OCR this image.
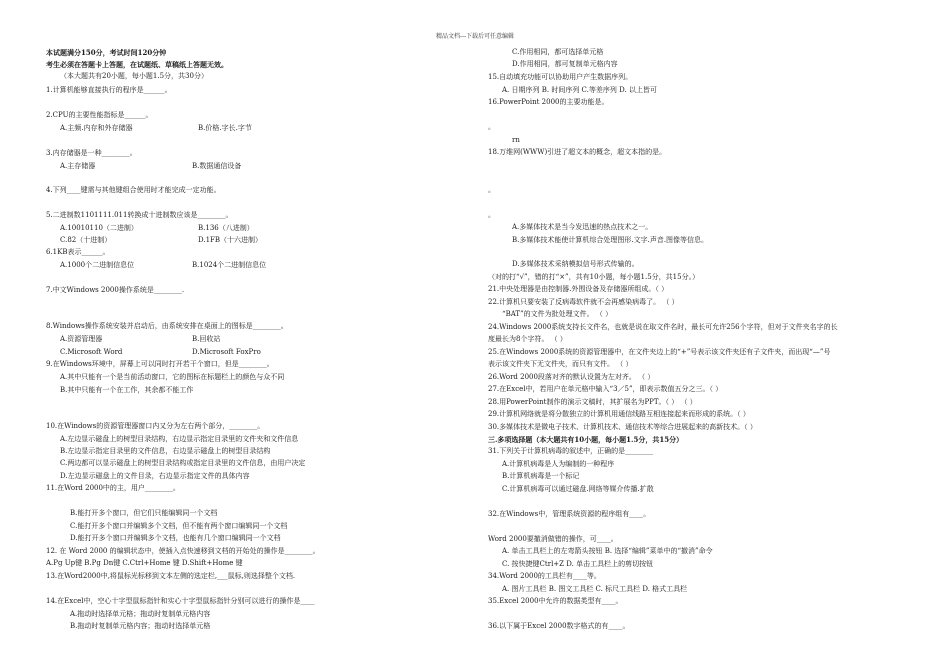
精品文档---下载后可任意编辑
本试题满分150分，考试时间120分钟
考生必须在答题卡上答题，在试题纸、草稿纸上答题无效。
（本大题共有20小题，每小题1.5分，共30分）
1.计算机能够直接执行的程序是______。
2.CPU的主要性能指标是______。
A.主频.内存和外存储器	B.价格.字长.字节
3.内存储器是一种________。
A.主存储器	B.数据通信设备
4.下列____键需与其他键组合使用时才能完成一定功能。
5.二进制数1101111.011转换成十进制数应该是________。
A.10010110（二进制）	B.136（八进制）
C.82（十进制）	D.1FB（十六进制）
6.1KB表示______。
A.1000个二进制信息位	B.1024个二进制信息位
7.中文Windows 2000操作系统是________.
8.Windows操作系统安装并启动后，由系统安排在桌面上的图标是________。
A.资源管理器	B.回收站
C.Microsoft Word	D.Microsoft FoxPro
9.在Windows环境中，屏幕上可以同时打开若干个窗口，但是________。
A.其中只能有一个是当前活动窗口，它的图标在标题栏上的颜色与众不同
B.其中只能有一个在工作，其余都不能工作
10.在Windows的资源管理器窗口内又分为左右两个部分，________。
A.左边显示磁盘上的树型目录结构，右边显示指定目录里的文件夹和文件信息
B.左边显示指定目录里的文件信息，右边显示磁盘上的树型目录结构
C.两边都可以显示磁盘上的树型目录结构或指定目录里的文件信息，由用户决定
D.左边显示磁盘上的文件目录，右边显示指定文件的具体内容
11.在Word 2000中的主，用户________。
B.能打开多个窗口，但它们只能编辑同一个文档
C.能打开多个窗口并编辑多个文档，但不能有两个窗口编辑同一个文档
D.能打开多个窗口并编辑多个文档，也能有几个窗口编辑同一个文档
12. 在 Word 2000 的编辑状态中，使插入点快速移到文档的开始处的操作是________。
A.Pg Up键 B.Pg Dn键 C.Ctrl+Home 键 D.Shift+Home 键
13.在Word2000中,将鼠标光标移到文本左侧的选定栏,___鼠标,则选择整个文档.
14.在Excel中，空心十字型鼠标指针和实心十字型鼠标指针分别可以进行的操作是____
A.拖动时选择单元格；拖动时复制单元格内容
B.拖动时复制单元格内容；拖动时选择单元格
C.作用相同，都可选择单元格
D.作用相同，都可复制单元格内容
15.自动填充功能可以协助用户产生数据序列。
A. 日期序列 B. 时间序列 C.等差序列 D. 以上皆可
16.PowerPoint 2000的主要功能是。
。
rn
18.万维网(WWW)引进了超文本的概念，超文本指的是。
。
。
A.多媒体技术是当今发迅速的热点技术之一。
B.多媒体技术能使计算机综合处理图形.文字.声音.图像等信息。
D.多媒体技术采纳模拟信号形式传输的。
（对的打“√”，错的打“×”，共有10小题，每小题1.5分，共15分。）
21.中央处理器是由控制器.外围设备及存储器所组成。（ ）
22.计算机只要安装了反病毒软件就不会再感染病毒了。 （ ）
“BAT”的文件为批处理文件。 （ ）
24.Windows 2000系统支持长文件名，也就是说在取文件名时，最长可允许256个字符，但对于文件夹名字的长
度最长为8个字符。 （ ）
25.在Windows 2000系统的资源管理器中，在文件夹边上的“+”号表示该文件夹还有子文件夹，而出现“—”号
表示该文件夹下无文件夹，而只有文件。 （ ）
26.Word 2000段落对齐的默认设置为左对齐。 （ ）
27.在Excel中，若用户在单元格中输入“3／5”，即表示数值五分之三。（ ）
28.用PowerPoint制作的演示文稿时，其扩展名为PPT。（ ） （ ）
29.计算机网络就是将分散独立的计算机用通信线路互相连接起来而形成的系统。（ ）
30.多媒体技术是微电子技术、计算机技术、通信技术等综合进展起来的高新技术。（ ）
三.多项选择题（本大题共有10小题，每小题1.5分，共15分）
31.下列关于计算机病毒的叙述中，正确的是________
A.计算机病毒是人为编制的一种程序
B.计算机病毒是一个标记
C.计算机病毒可以通过磁盘.网络等媒介传播.扩散
32.在Windows中，管理系统资源的程序组有____。
Word 2000要撤消做错的操作，可____。
A. 单击工具栏上的左弯箭头按钮 B. 选择“编辑”菜单中的“撤消”命令
C. 按快捷键Ctrl+Z D. 单击工具栏上的剪切按钮
34.Word 2000的工具栏有____等。
A. 图片工具栏 B. 图文工具栏 C. 标尺工具栏 D. 格式工具栏
35.Excel 2000中允许的数据类型有____。
36.以下属于Excel 2000数字格式的有____。
